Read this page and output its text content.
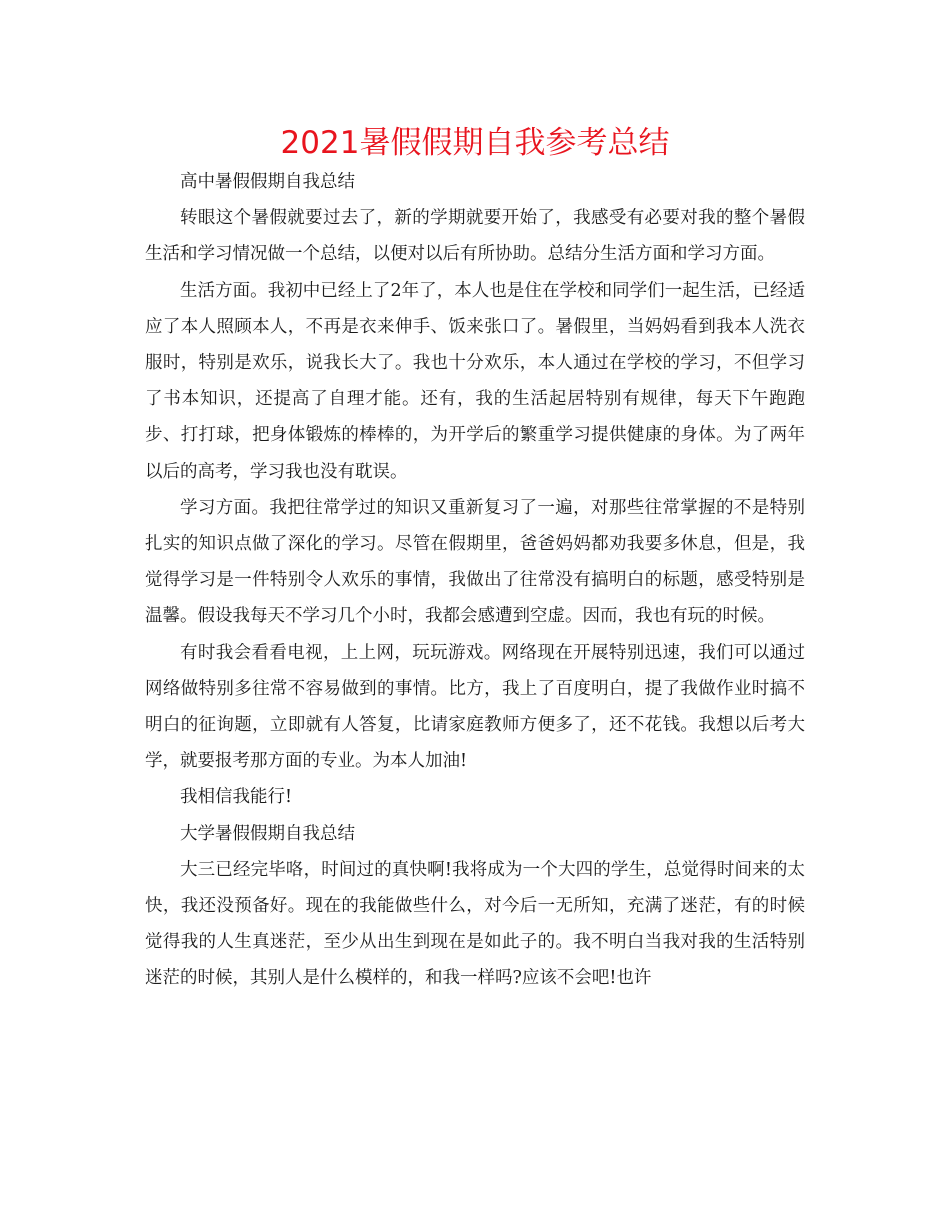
2021暑假假期自我参考总结

高中暑假假期自我总结

转眼这个暑假就要过去了，新的学期就要开始了，我感受有必要对我的整个暑假生活和学习情况做一个总结，以便对以后有所协助。总结分生活方面和学习方面。

生活方面。我初中已经上了2年了，本人也是住在学校和同学们一起生活，已经适应了本人照顾本人，不再是衣来伸手、饭来张口了。暑假里，当妈妈看到我本人洗衣服时，特别是欢乐，说我长大了。我也十分欢乐，本人通过在学校的学习，不但学习了书本知识，还提高了自理才能。还有，我的生活起居特别有规律，每天下午跑跑步、打打球，把身体锻炼的棒棒的，为开学后的繁重学习提供健康的身体。为了两年以后的高考，学习我也没有耽误。

学习方面。我把往常学过的知识又重新复习了一遍，对那些往常掌握的不是特别扎实的知识点做了深化的学习。尽管在假期里，爸爸妈妈都劝我要多休息，但是，我觉得学习是一件特别令人欢乐的事情，我做出了往常没有搞明白的标题，感受特别是温馨。假设我每天不学习几个小时，我都会感遭到空虚。因而，我也有玩的时候。

有时我会看看电视，上上网，玩玩游戏。网络现在开展特别迅速，我们可以通过网络做特别多往常不容易做到的事情。比方，我上了百度明白，提了我做作业时搞不明白的征询题，立即就有人答复，比请家庭教师方便多了，还不花钱。我想以后考大学，就要报考那方面的专业。为本人加油!

我相信我能行!

大学暑假假期自我总结

大三已经完毕咯，时间过的真快啊!我将成为一个大四的学生，总觉得时间来的太快，我还没预备好。现在的我能做些什么，对今后一无所知，充满了迷茫，有的时候觉得我的人生真迷茫，至少从出生到现在是如此子的。我不明白当我对我的生活特别迷茫的时候，其别人是什么模样的，和我一样吗?应该不会吧!也许
